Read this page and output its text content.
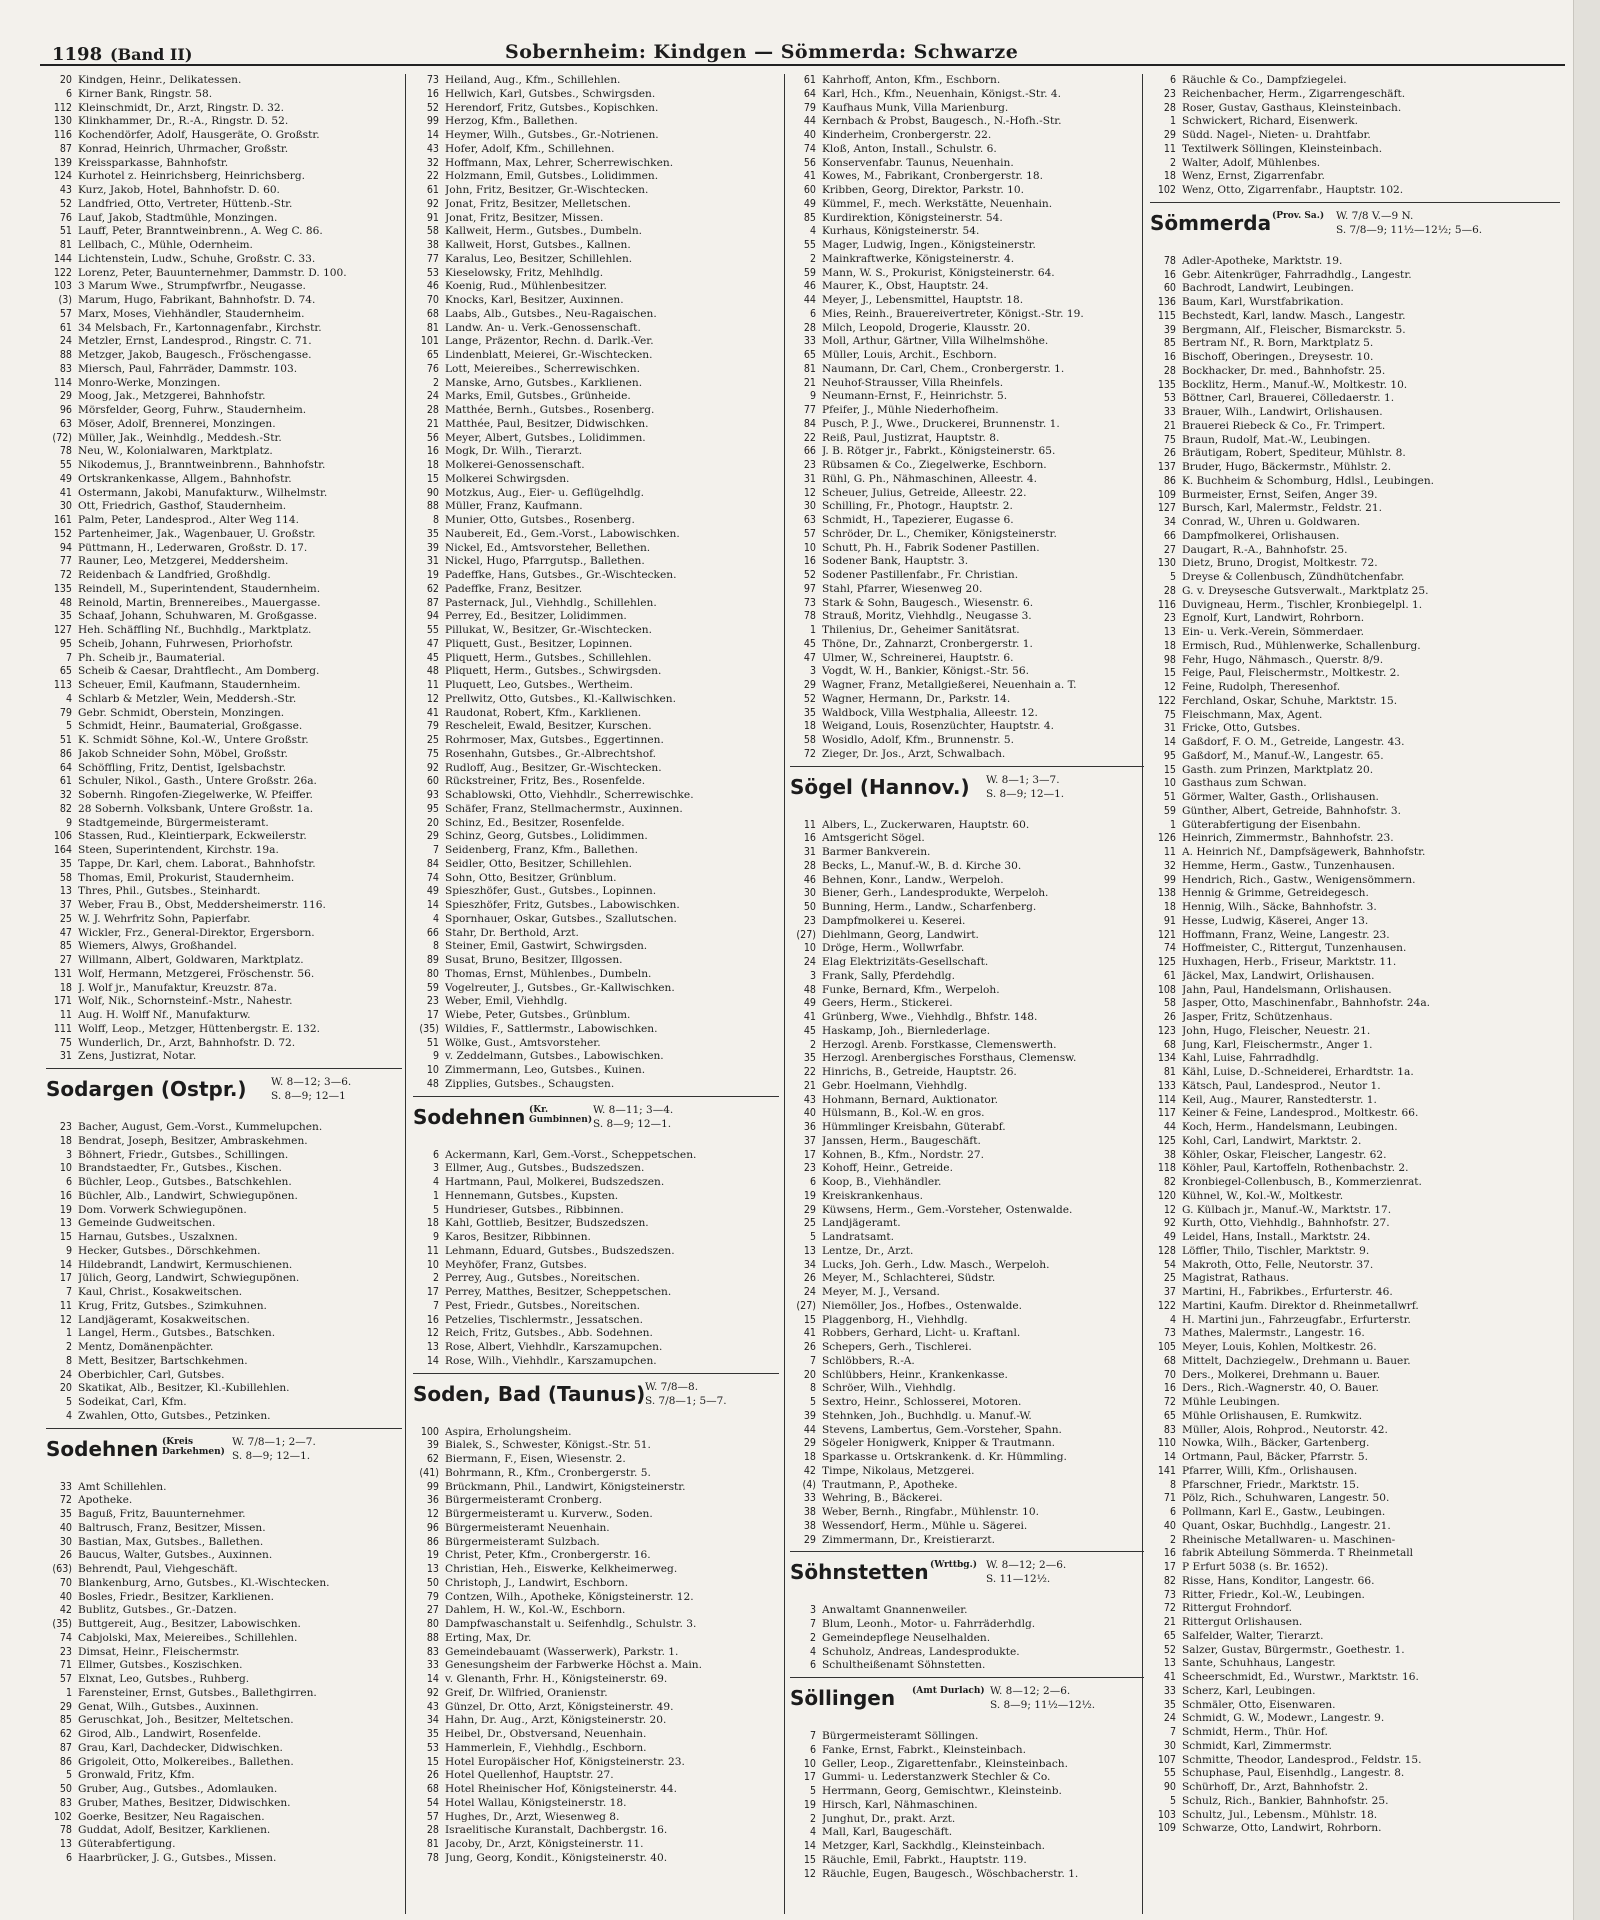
1198 (Band II)	Sobernheim: Kindgen — Sömmerda: Schwarze
20 Kindgen, Heinr., Delikatessen.
6 Kirner Bank, Ringstr. 58.
112 Kleinschmidt, Dr., Arzt, Ringstr. D. 32.
130 Klinkhammer, Dr., R.-A., Ringstr. D. 52.
116 Kochendörfer, Adolf, Hausgeräte, O. Großstr.
87 Konrad, Heinrich, Uhrmacher, Großstr.
139 Kreissparkasse, Bahnhofstr.
124 Kurhotel z. Heinrichsberg, Heinrichsberg.
43 Kurz, Jakob, Hotel, Bahnhofstr. D. 60.
52 Landfried, Otto, Vertreter, Hüttenb.-Str.
76 Lauf, Jakob, Stadtmühle, Monzingen.
51 Lauff, Peter, Branntweinbrenn., A. Weg C. 86.
81 Lellbach, C., Mühle, Odernheim.
144 Lichtenstein, Ludw., Schuhe, Großstr. C. 33.
122 Lorenz, Peter, Bauunternehmer, Dammstr. D. 100.
103 3 Marum Wwe., Strumpfwrfbr., Neugasse.
(3) Marum, Hugo, Fabrikant, Bahnhofstr. D. 74.
57 Marx, Moses, Viehhändler, Staudernheim.
61 34 Melsbach, Fr., Kartonnagenfabr., Kirchstr.
24 Metzler, Ernst, Landesprod., Ringstr. C. 71.
88 Metzger, Jakob, Baugesch., Fröschengasse.
83 Miersch, Paul, Fahrräder, Dammstr. 103.
114 Monro-Werke, Monzingen.
29 Moog, Jak., Metzgerei, Bahnhofstr.
96 Mörsfelder, Georg, Fuhrw., Staudernheim.
63 Möser, Adolf, Brennerei, Monzingen.
(72) Müller, Jak., Weinhdlg., Meddesh.-Str.
78 Neu, W., Kolonialwaren, Marktplatz.
55 Nikodemus, J., Branntweinbrenn., Bahnhofstr.
49 Ortskrankenkasse, Allgem., Bahnhofstr.
41 Ostermann, Jakobi, Manufakturw., Wilhelmstr.
30 Ott, Friedrich, Gasthof, Staudernheim.
161 Palm, Peter, Landesprod., Alter Weg 114.
152 Partenheimer, Jak., Wagenbauer, U. Großstr.
94 Püttmann, H., Lederwaren, Großstr. D. 17.
77 Rauner, Leo, Metzgerei, Meddersheim.
72 Reidenbach & Landfried, Großhdlg.
135 Reindell, M., Superintendent, Staudernheim.
48 Reinold, Martin, Brennereibes., Mauergasse.
35 Schaaf, Johann, Schuhwaren, M. Großgasse.
127 Heh. Schäffling Nf., Buchhdlg., Marktplatz.
95 Scheib, Johann, Fuhrwesen, Priorhofstr.
7 Ph. Scheib jr., Baumaterial.
65 Scheib & Caesar, Drahtflecht., Am Domberg.
113 Scheuer, Emil, Kaufmann, Staudernheim.
4 Schlarb & Metzler, Wein, Meddersh.-Str.
79 Gebr. Schmidt, Oberstein, Monzingen.
5 Schmidt, Heinr., Baumaterial, Großgasse.
51 K. Schmidt Söhne, Kol.-W., Untere Großstr.
86 Jakob Schneider Sohn, Möbel, Großstr.
64 Schöffling, Fritz, Dentist, Igelsbachstr.
61 Schuler, Nikol., Gasth., Untere Großstr. 26a.
32 Sobernh. Ringofen-Ziegelwerke, W. Pfeiffer.
82 28 Sobernh. Volksbank, Untere Großstr. 1a.
9 Stadtgemeinde, Bürgermeisteramt.
106 Stassen, Rud., Kleintierpark, Eckweilerstr.
164 Steen, Superintendent, Kirchstr. 19a.
35 Tappe, Dr. Karl, chem. Laborat., Bahnhofstr.
58 Thomas, Emil, Prokurist, Staudernheim.
13 Thres, Phil., Gutsbes., Steinhardt.
37 Weber, Frau B., Obst, Meddersheimerstr. 116.
25 W. J. Wehrfritz Sohn, Papierfabr.
47 Wickler, Frz., General-Direktor, Ergersborn.
85 Wiemers, Alwys, Großhandel.
27 Willmann, Albert, Goldwaren, Marktplatz.
131 Wolf, Hermann, Metzgerei, Fröschenstr. 56.
18 J. Wolf jr., Manufaktur, Kreuzstr. 87a.
171 Wolf, Nik., Schornsteinf.-Mstr., Nahestr.
11 Aug. H. Wolff Nf., Manufakturw.
111 Wolff, Leop., Metzger, Hüttenbergstr. E. 132.
75 Wunderlich, Dr., Arzt, Bahnhofstr. D. 72.
31 Zens, Justizrat, Notar.
Sodargen (Ostpr.) W. 8—12; 3—6.
S. 8—9; 12—1
23 Bacher, August, Gem.-Vorst., Kummelupchen.
18 Bendrat, Joseph, Besitzer, Ambraskehmen.
3 Böhnert, Friedr., Gutsbes., Schillingen.
10 Brandstaedter, Fr., Gutsbes., Kischen.
6 Büchler, Leop., Gutsbes., Batschkehlen.
16 Büchler, Alb., Landwirt, Schwiegupönen.
19 Dom. Vorwerk Schwiegupönen.
13 Gemeinde Gudweitschen.
15 Harnau, Gutsbes., Uszalxnen.
9 Hecker, Gutsbes., Dörschkehmen.
14 Hildebrandt, Landwirt, Kermuschienen.
17 Jülich, Georg, Landwirt, Schwiegupönen.
7 Kaul, Christ., Kosakweitschen.
11 Krug, Fritz, Gutsbes., Szimkuhnen.
12 Landjägeramt, Kosakweitschen.
1 Langel, Herm., Gutsbes., Batschken.
2 Mentz, Domänenpächter.
8 Mett, Besitzer, Bartschkehmen.
24 Oberbichler, Carl, Gutsbes.
20 Skatikat, Alb., Besitzer, Kl.-Kubillehlen.
5 Sodeikat, Carl, Kfm.
4 Zwahlen, Otto, Gutsbes., Petzinken.
Sodehnen (Kreis Darkehmen)
W. 7/8—1; 2—7.
S. 8—9; 12—1.
33 Amt Schillehlen.
72 Apotheke.
35 Baguß, Fritz, Bauunternehmer.
40 Baltrusch, Franz, Besitzer, Missen.
30 Bastian, Max, Gutsbes., Ballethen.
26 Baucus, Walter, Gutsbes., Auxinnen.
(63) Behrendt, Paul, Viehgeschäft.
70 Blankenburg, Arno, Gutsbes., Kl.-Wischtecken.
40 Bosles, Friedr., Besitzer, Karklienen.
42 Bublitz, Gutsbes., Gr.-Datzen.
(35) Buttgereit, Aug., Besitzer, Labowischken.
74 Cabjolski, Max, Meiereibes., Schillehlen.
23 Dimsat, Heinr., Fleischermstr.
71 Ellmer, Gutsbes., Koszischken.
57 Elxnat, Leo, Gutsbes., Ruhberg.
1 Farensteiner, Ernst, Gutsbes., Ballethgirren.
29 Genat, Wilh., Gutsbes., Auxinnen.
85 Geruschkat, Joh., Besitzer, Meltetschen.
62 Girod, Alb., Landwirt, Rosenfelde.
87 Grau, Karl, Dachdecker, Didwischken.
86 Grigoleit, Otto, Molkereibes., Ballethen.
5 Gronwald, Fritz, Kfm.
50 Gruber, Aug., Gutsbes., Adomlauken.
83 Gruber, Mathes, Besitzer, Didwischken.
102 Goerke, Besitzer, Neu Ragaischen.
78 Guddat, Adolf, Besitzer, Karklienen.
13 Güterabfertigung.
6 Haarbrücker, J. G., Gutsbes., Missen.
73 Heiland, Aug., Kfm., Schillehlen.
16 Hellwich, Karl, Gutsbes., Schwirgsden.
52 Herendorf, Fritz, Gutsbes., Kopischken.
99 Herzog, Kfm., Ballethen.
14 Heymer, Wilh., Gutsbes., Gr.-Notrienen.
43 Hofer, Adolf, Kfm., Schillehnen.
32 Hoffmann, Max, Lehrer, Scherrewischken.
22 Holzmann, Emil, Gutsbes., Lolidimmen.
61 John, Fritz, Besitzer, Gr.-Wischtecken.
92 Jonat, Fritz, Besitzer, Melletschen.
91 Jonat, Fritz, Besitzer, Missen.
58 Kallweit, Herm., Gutsbes., Dumbeln.
38 Kallweit, Horst, Gutsbes., Kallnen.
77 Karalus, Leo, Besitzer, Schillehlen.
53 Kieselowsky, Fritz, Mehlhdlg.
46 Koenig, Rud., Mühlenbesitzer.
70 Knocks, Karl, Besitzer, Auxinnen.
68 Laabs, Alb., Gutsbes., Neu-Ragaischen.
81 Landw. An- u. Verk.-Genossenschaft.
101 Lange, Präzentor, Rechn. d. Darlk.-Ver.
65 Lindenblatt, Meierei, Gr.-Wischtecken.
76 Lott, Meiereibes., Scherrewischken.
2 Manske, Arno, Gutsbes., Karklienen.
24 Marks, Emil, Gutsbes., Grünheide.
28 Matthée, Bernh., Gutsbes., Rosenberg.
21 Matthée, Paul, Besitzer, Didwischken.
56 Meyer, Albert, Gutsbes., Lolidimmen.
16 Mogk, Dr. Wilh., Tierarzt.
18 Molkerei-Genossenschaft.
15 Molkerei Schwirgsden.
90 Motzkus, Aug., Eier- u. Geflügelhdlg.
88 Müller, Franz, Kaufmann.
8 Munier, Otto, Gutsbes., Rosenberg.
35 Naubereit, Ed., Gem.-Vorst., Labowischken.
39 Nickel, Ed., Amtsvorsteher, Bellethen.
31 Nickel, Hugo, Pfarrgutsp., Ballethen.
19 Padeffke, Hans, Gutsbes., Gr.-Wischtecken.
62 Padeffke, Franz, Besitzer.
87 Pasternack, Jul., Viehhdlg., Schillehlen.
94 Perrey, Ed., Besitzer, Lolidimmen.
55 Pillukat, W., Besitzer, Gr.-Wischtecken.
47 Pliquett, Gust., Besitzer, Lopinnen.
45 Pliquett, Herm., Gutsbes., Schillehlen.
48 Pliquett, Herm., Gutsbes., Schwirgsden.
11 Pluquett, Leo, Gutsbes., Wertheim.
12 Prellwitz, Otto, Gutsbes., Kl.-Kallwischken.
41 Raudonat, Robert, Kfm., Karklienen.
79 Rescheleit, Ewald, Besitzer, Kurschen.
25 Rohrmoser, Max, Gutsbes., Eggertinnen.
75 Rosenhahn, Gutsbes., Gr.-Albrechtshof.
92 Rudloff, Aug., Besitzer, Gr.-Wischtecken.
60 Rückstreiner, Fritz, Bes., Rosenfelde.
93 Schablowski, Otto, Viehhdlr., Scherrewischke.
95 Schäfer, Franz, Stellmachermstr., Auxinnen.
20 Schinz, Ed., Besitzer, Rosenfelde.
29 Schinz, Georg, Gutsbes., Lolidimmen.
7 Seidenberg, Franz, Kfm., Ballethen.
84 Seidler, Otto, Besitzer, Schillehlen.
74 Sohn, Otto, Besitzer, Grünblum.
49 Spieszhöfer, Gust., Gutsbes., Lopinnen.
14 Spieszhöfer, Fritz, Gutsbes., Labowischken.
4 Spornhauer, Oskar, Gutsbes., Szallutschen.
66 Stahr, Dr. Berthold, Arzt.
8 Steiner, Emil, Gastwirt, Schwirgsden.
89 Susat, Bruno, Besitzer, Illgossen.
80 Thomas, Ernst, Mühlenbes., Dumbeln.
59 Vogelreuter, J., Gutsbes., Gr.-Kallwischken.
23 Weber, Emil, Viehhdlg.
17 Wiebe, Peter, Gutsbes., Grünblum.
(35) Wildies, F., Sattlermstr., Labowischken.
51 Wölke, Gust., Amtsvorsteher.
9 v. Zeddelmann, Gutsbes., Labowischken.
10 Zimmermann, Leo, Gutsbes., Kuinen.
48 Zipplies, Gutsbes., Schaugsten.
Sodehnen (Kr. Gumbinnen)
W. 8—11; 3—4.
S. 8—9; 12—1.
6 Ackermann, Karl, Gem.-Vorst., Scheppetschen.
3 Ellmer, Aug., Gutsbes., Budszedszen.
4 Hartmann, Paul, Molkerei, Budszedszen.
1 Hennemann, Gutsbes., Kupsten.
5 Hundrieser, Gutsbes., Ribbinnen.
18 Kahl, Gottlieb, Besitzer, Budszedszen.
9 Karos, Besitzer, Ribbinnen.
11 Lehmann, Eduard, Gutsbes., Budszedszen.
10 Meyhöfer, Franz, Gutsbes.
2 Perrey, Aug., Gutsbes., Noreitschen.
17 Perrey, Matthes, Besitzer, Scheppetschen.
7 Pest, Friedr., Gutsbes., Noreitschen.
16 Petzelies, Tischlermstr., Jessatschen.
12 Reich, Fritz, Gutsbes., Abb. Sodehnen.
13 Rose, Albert, Viehhdlr., Karszamupchen.
14 Rose, Wilh., Viehhdlr., Karszamupchen.
Soden, Bad (Taunus) W. 7/8—8.
S. 7/8—1; 5—7.
100 Aspira, Erholungsheim.
39 Bialek, S., Schwester, Königst.-Str. 51.
62 Biermann, F., Eisen, Wiesenstr. 2.
(41) Bohrmann, R., Kfm., Cronbergerstr. 5.
99 Brückmann, Phil., Landwirt, Königsteinerstr.
36 Bürgermeisteramt Cronberg.
12 Bürgermeisteramt u. Kurverw., Soden.
96 Bürgermeisteramt Neuenhain.
86 Bürgermeisteramt Sulzbach.
19 Christ, Peter, Kfm., Cronbergerstr. 16.
13 Christian, Heh., Eiswerke, Kelkheimerweg.
50 Christoph, J., Landwirt, Eschborn.
79 Contzen, Wilh., Apotheke, Königsteinerstr. 12.
27 Dahlem, H. W., Kol.-W., Eschborn.
80 Dampfwaschanstalt u. Seifenhdlg., Schulstr. 3.
88 Erting, Max, Dr.
83 Gemeindebauamt (Wasserwerk), Parkstr. 1.
33 Genesungsheim der Farbwerke Höchst a. Main.
14 v. Glenanth, Frhr. H., Königsteinerstr. 69.
92 Greif, Dr. Wilfried, Oranienstr.
43 Günzel, Dr. Otto, Arzt, Königsteinerstr. 49.
34 Hahn, Dr. Aug., Arzt, Königsteinerstr. 20.
35 Heibel, Dr., Obstversand, Neuenhain.
53 Hammerlein, F., Viehhdlg., Eschborn.
15 Hotel Europäischer Hof, Königsteinerstr. 23.
26 Hotel Quellenhof, Hauptstr. 27.
68 Hotel Rheinischer Hof, Königsteinerstr. 44.
54 Hotel Wallau, Königsteinerstr. 18.
57 Hughes, Dr., Arzt, Wiesenweg 8.
28 Israelitische Kuranstalt, Dachbergstr. 16.
81 Jacoby, Dr., Arzt, Königsteinerstr. 11.
78 Jung, Georg, Kondit., Königsteinerstr. 40.
61 Kahrhoff, Anton, Kfm., Eschborn.
64 Karl, Hch., Kfm., Neuenhain, Königst.-Str. 4.
79 Kaufhaus Munk, Villa Marienburg.
44 Kernbach & Probst, Baugesch., N.-Hofh.-Str.
40 Kinderheim, Cronbergerstr. 22.
74 Kloß, Anton, Install., Schulstr. 6.
56 Konservenfabr. Taunus, Neuenhain.
41 Kowes, M., Fabrikant, Cronbergerstr. 18.
60 Kribben, Georg, Direktor, Parkstr. 10.
49 Kümmel, F., mech. Werkstätte, Neuenhain.
85 Kurdirektion, Königsteinerstr. 54.
4 Kurhaus, Königsteinerstr. 54.
55 Mager, Ludwig, Ingen., Königsteinerstr.
2 Mainkraftwerke, Königsteinerstr. 4.
59 Mann, W. S., Prokurist, Königsteinerstr. 64.
46 Maurer, K., Obst, Hauptstr. 24.
44 Meyer, J., Lebensmittel, Hauptstr. 18.
6 Mies, Reinh., Brauereivertreter, Königst.-Str. 19.
28 Milch, Leopold, Drogerie, Klausstr. 20.
33 Moll, Arthur, Gärtner, Villa Wilhelmshöhe.
65 Müller, Louis, Archit., Eschborn.
81 Naumann, Dr. Carl, Chem., Cronbergerstr. 1.
21 Neuhof-Strausser, Villa Rheinfels.
9 Neumann-Ernst, F., Heinrichstr. 5.
77 Pfeifer, J., Mühle Niederhofheim.
84 Pusch, P. J., Wwe., Druckerei, Brunnenstr. 1.
22 Reiß, Paul, Justizrat, Hauptstr. 8.
66 J. B. Rötger jr., Fabrkt., Königsteinerstr. 65.
23 Rübsamen & Co., Ziegelwerke, Eschborn.
31 Rühl, G. Ph., Nähmaschinen, Alleestr. 4.
12 Scheuer, Julius, Getreide, Alleestr. 22.
30 Schilling, Fr., Photogr., Hauptstr. 2.
63 Schmidt, H., Tapezierer, Eugasse 6.
57 Schröder, Dr. L., Chemiker, Königsteinerstr.
10 Schutt, Ph. H., Fabrik Sodener Pastillen.
16 Sodener Bank, Hauptstr. 3.
52 Sodener Pastillenfabr., Fr. Christian.
97 Stahl, Pfarrer, Wiesenweg 20.
73 Stark & Sohn, Baugesch., Wiesenstr. 6.
78 Strauß, Moritz, Viehhdlg., Neugasse 3.
1 Thilenius, Dr., Geheimer Sanitätsrat.
45 Thöne, Dr., Zahnarzt, Cronbergerstr. 1.
47 Ulmer, W., Schreinerei, Hauptstr. 6.
3 Vogdt, W. H., Bankier, Königst.-Str. 56.
29 Wagner, Franz, Metallgießerei, Neuenhain a. T.
52 Wagner, Hermann, Dr., Parkstr. 14.
35 Waldbock, Villa Westphalia, Alleestr. 12.
18 Weigand, Louis, Rosenzüchter, Hauptstr. 4.
58 Wosidlo, Adolf, Kfm., Brunnenstr. 5.
72 Zieger, Dr. Jos., Arzt, Schwalbach.
Sögel (Hannov.) W. 8—1; 3—7.
S. 8—9; 12—1.
11 Albers, L., Zuckerwaren, Hauptstr. 60.
16 Amtsgericht Sögel.
31 Barmer Bankverein.
28 Becks, L., Manuf.-W., B. d. Kirche 30.
46 Behnen, Konr., Landw., Werpeloh.
30 Biener, Gerh., Landesprodukte, Werpeloh.
50 Bunning, Herm., Landw., Scharfenberg.
23 Dampfmolkerei u. Keserei.
(27) Diehlmann, Georg, Landwirt.
10 Dröge, Herm., Wollwrfabr.
24 Elag Elektrizitäts-Gesellschaft.
3 Frank, Sally, Pferdehdlg.
48 Funke, Bernard, Kfm., Werpeloh.
49 Geers, Herm., Stickerei.
41 Grünberg, Wwe., Viehhdlg., Bhfstr. 148.
45 Haskamp, Joh., Biernlederlage.
2 Herzogl. Arenb. Forstkasse, Clemenswerth.
35 Herzogl. Arenbergisches Forsthaus, Clemensw.
22 Hinrichs, B., Getreide, Hauptstr. 26.
21 Gebr. Hoelmann, Viehhdlg.
43 Hohmann, Bernard, Auktionator.
40 Hülsmann, B., Kol.-W. en gros.
36 Hümmlinger Kreisbahn, Güterabf.
37 Janssen, Herm., Baugeschäft.
17 Kohnen, B., Kfm., Nordstr. 27.
23 Kohoff, Heinr., Getreide.
6 Koop, B., Viehhändler.
19 Kreiskrankenhaus.
29 Küwsens, Herm., Gem.-Vorsteher, Ostenwalde.
25 Landjägeramt.
5 Landratsamt.
13 Lentze, Dr., Arzt.
34 Lucks, Joh. Gerh., Ldw. Masch., Werpeloh.
26 Meyer, M., Schlachterei, Südstr.
24 Meyer, M. J., Versand.
(27) Niemöller, Jos., Hofbes., Ostenwalde.
15 Plaggenborg, H., Viehhdlg.
41 Robbers, Gerhard, Licht- u. Kraftanl.
26 Schepers, Gerh., Tischlerei.
7 Schlöbbers, R.-A.
20 Schlübbers, Heinr., Krankenkasse.
8 Schröer, Wilh., Viehhdlg.
5 Sextro, Heinr., Schlosserei, Motoren.
39 Stehnken, Joh., Buchhdlg. u. Manuf.-W.
44 Stevens, Lambertus, Gem.-Vorsteher, Spahn.
29 Sögeler Honigwerk, Knipper & Trautmann.
18 Sparkasse u. Ortskrankenk. d. Kr. Hümmling.
42 Timpe, Nikolaus, Metzgerei.
(4) Trautmann, P., Apotheke.
33 Wehring, B., Bäckerei.
38 Weber, Bernh., Ringfabr., Mühlenstr. 10.
38 Wessendorf, Herm., Mühle u. Sägerei.
29 Zimmermann, Dr., Kreistierarzt.
Söhnstetten (Wrttbg.) W. 8—12; 2—6.
S. 11—12½.
3 Anwaltamt Gnannenweiler.
7 Blum, Leonh., Motor- u. Fahrräderhdlg.
2 Gemeindepflege Neuselhalden.
4 Schuholz, Andreas, Landesprodukte.
6 Schultheißenamt Söhnstetten.
Söllingen (Amt Durlach) W. 8—12; 2—6.
S. 8—9; 11½—12½.
7 Bürgermeisteramt Söllingen.
6 Fanke, Ernst, Fabrkt., Kleinsteinbach.
10 Geller, Leop., Zigarettenfabr., Kleinsteinbach.
17 Gummi- u. Lederstanzwerk Stechler & Co.
5 Herrmann, Georg, Gemischtwr., Kleinsteinb.
19 Hirsch, Karl, Nähmaschinen.
2 Junghut, Dr., prakt. Arzt.
4 Mall, Karl, Baugeschäft.
14 Metzger, Karl, Sackhdlg., Kleinsteinbach.
15 Räuchle, Emil, Fabrkt., Hauptstr. 119.
12 Räuchle, Eugen, Baugesch., Wöschbacherstr. 1.
6 Räuchle & Co., Dampfziegelei.
23 Reichenbacher, Herm., Zigarrengeschäft.
28 Roser, Gustav, Gasthaus, Kleinsteinbach.
1 Schwickert, Richard, Eisenwerk.
29 Südd. Nagel-, Nieten- u. Drahtfabr.
11 Textilwerk Söllingen, Kleinsteinbach.
2 Walter, Adolf, Mühlenbes.
18 Wenz, Ernst, Zigarrenfabr.
102 Wenz, Otto, Zigarrenfabr., Hauptstr. 102.
Sömmerda (Prov. Sa.)	W. 7/8 V.—9 N.
S. 7/8—9; 11½—12½; 5—6.
78 Adler-Apotheke, Marktstr. 19.
16 Gebr. Aitenkrüger, Fahrradhdlg., Langestr.
60 Bachrodt, Landwirt, Leubingen.
136 Baum, Karl, Wurstfabrikation.
115 Bechstedt, Karl, landw. Masch., Langestr.
39 Bergmann, Alf., Fleischer, Bismarckstr. 5.
85 Bertram Nf., R. Born, Marktplatz 5.
16 Bischoff, Oberingen., Dreysestr. 10.
28 Bockhacker, Dr. med., Bahnhofstr. 25.
135 Bocklitz, Herm., Manuf.-W., Moltkestr. 10.
53 Böttner, Carl, Brauerei, Cölledaerstr. 1.
33 Brauer, Wilh., Landwirt, Orlishausen.
21 Brauerei Riebeck & Co., Fr. Trimpert.
75 Braun, Rudolf, Mat.-W., Leubingen.
26 Bräutigam, Robert, Spediteur, Mühlstr. 8.
137 Bruder, Hugo, Bäckermstr., Mühlstr. 2.
86 K. Buchheim & Schomburg, Hdlsl., Leubingen.
109 Burmeister, Ernst, Seifen, Anger 39.
127 Bursch, Karl, Malermstr., Feldstr. 21.
34 Conrad, W., Uhren u. Goldwaren.
66 Dampfmolkerei, Orlishausen.
27 Daugart, R.-A., Bahnhofstr. 25.
130 Dietz, Bruno, Drogist, Moltkestr. 72.
5 Dreyse & Collenbusch, Zündhütchenfabr.
28 G. v. Dreysesche Gutsverwalt., Marktplatz 25.
116 Duvigneau, Herm., Tischler, Kronbiegelpl. 1.
23 Egnolf, Kurt, Landwirt, Rohrborn.
13 Ein- u. Verk.-Verein, Sömmerdaer.
18 Ermisch, Rud., Mühlenwerke, Schallenburg.
98 Fehr, Hugo, Nähmasch., Querstr. 8/9.
15 Feige, Paul, Fleischermstr., Moltkestr. 2.
12 Feine, Rudolph, Theresenhof.
122 Ferchland, Oskar, Schuhe, Marktstr. 15.
75 Fleischmann, Max, Agent.
31 Fricke, Otto, Gutsbes.
14 Gaßdorf, F. O. M., Getreide, Langestr. 43.
95 Gaßdorf, M., Manuf.-W., Langestr. 65.
15 Gasth. zum Prinzen, Marktplatz 20.
10 Gasthaus zum Schwan.
51 Görmer, Walter, Gasth., Orlishausen.
59 Günther, Albert, Getreide, Bahnhofstr. 3.
1 Güterabfertigung der Eisenbahn.
126 Heinrich, Zimmermstr., Bahnhofstr. 23.
11 A. Heinrich Nf., Dampfsägewerk, Bahnhofstr.
32 Hemme, Herm., Gastw., Tunzenhausen.
99 Hendrich, Rich., Gastw., Wenigensömmern.
138 Hennig & Grimme, Getreidegesch.
18 Hennig, Wilh., Säcke, Bahnhofstr. 3.
91 Hesse, Ludwig, Käserei, Anger 13.
121 Hoffmann, Franz, Weine, Langestr. 23.
74 Hoffmeister, C., Rittergut, Tunzenhausen.
125 Huxhagen, Herb., Friseur, Marktstr. 11.
61 Jäckel, Max, Landwirt, Orlishausen.
108 Jahn, Paul, Handelsmann, Orlishausen.
58 Jasper, Otto, Maschinenfabr., Bahnhofstr. 24a.
26 Jasper, Fritz, Schützenhaus.
123 John, Hugo, Fleischer, Neuestr. 21.
68 Jung, Karl, Fleischermstr., Anger 1.
134 Kahl, Luise, Fahrradhdlg.
81 Kähl, Luise, D.-Schneiderei, Erhardtstr. 1a.
133 Kätsch, Paul, Landesprod., Neutor 1.
114 Keil, Aug., Maurer, Ranstedterstr. 1.
117 Keiner & Feine, Landesprod., Moltkestr. 66.
44 Koch, Herm., Handelsmann, Leubingen.
125 Kohl, Carl, Landwirt, Marktstr. 2.
38 Köhler, Oskar, Fleischer, Langestr. 62.
118 Köhler, Paul, Kartoffeln, Rothenbachstr. 2.
82 Kronbiegel-Collenbusch, B., Kommerzienrat.
120 Kühnel, W., Kol.-W., Moltkestr.
12 G. Külbach jr., Manuf.-W., Marktstr. 17.
92 Kurth, Otto, Viehhdlg., Bahnhofstr. 27.
49 Leidel, Hans, Install., Marktstr. 24.
128 Löffler, Thilo, Tischler, Marktstr. 9.
54 Makroth, Otto, Felle, Neutorstr. 37.
25 Magistrat, Rathaus.
37 Martini, H., Fabrikbes., Erfurterstr. 46.
122 Martini, Kaufm. Direktor d. Rheinmetallwrf.
4 H. Martini jun., Fahrzeugfabr., Erfurterstr.
73 Mathes, Malermstr., Langestr. 16.
105 Meyer, Louis, Kohlen, Moltkestr. 26.
68 Mittelt, Dachziegelw., Drehmann u. Bauer.
70 Ders., Molkerei, Drehmann u. Bauer.
16 Ders., Rich.-Wagnerstr. 40, O. Bauer.
72 Mühle Leubingen.
65 Mühle Orlishausen, E. Rumkwitz.
83 Müller, Alois, Rohprod., Neutorstr. 42.
110 Nowka, Wilh., Bäcker, Gartenberg.
14 Ortmann, Paul, Bäcker, Pfarrstr. 5.
141 Pfarrer, Willi, Kfm., Orlishausen.
8 Pfarschner, Friedr., Marktstr. 15.
71 Pölz, Rich., Schuhwaren, Langestr. 50.
6 Pollmann, Karl E., Gastw., Leubingen.
40 Quant, Oskar, Buchhdlg., Langestr. 21.
2 Rheinische Metallwaren- u. Maschinen-
16 fabrik Abteilung Sömmerda. T Rheinmetall
17 P Erfurt 5038 (s. Br. 1652).
82 Risse, Hans, Konditor, Langestr. 66.
73 Ritter, Friedr., Kol.-W., Leubingen.
72 Rittergut Frohndorf.
21 Rittergut Orlishausen.
65 Salfelder, Walter, Tierarzt.
52 Salzer, Gustav, Bürgermstr., Goethestr. 1.
13 Sante, Schuhhaus, Langestr.
41 Scheerschmidt, Ed., Wurstwr., Marktstr. 16.
33 Scherz, Karl, Leubingen.
35 Schmäler, Otto, Eisenwaren.
24 Schmidt, G. W., Modewr., Langestr. 9.
7 Schmidt, Herm., Thür. Hof.
30 Schmidt, Karl, Zimmermstr.
107 Schmitte, Theodor, Landesprod., Feldstr. 15.
55 Schuphase, Paul, Eisenhdlg., Langestr. 8.
90 Schürhoff, Dr., Arzt, Bahnhofstr. 2.
5 Schulz, Rich., Bankier, Bahnhofstr. 25.
103 Schultz, Jul., Lebensm., Mühlstr. 18.
109 Schwarze, Otto, Landwirt, Rohrborn.
